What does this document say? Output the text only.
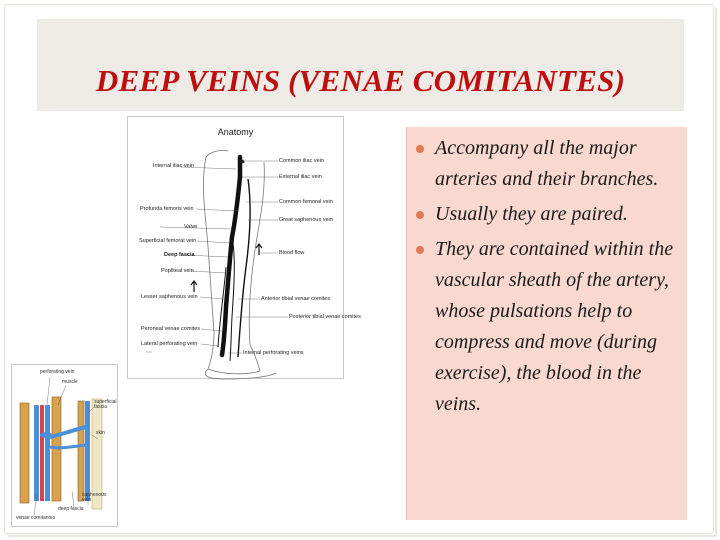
DEEP VEINS (VENAE COMITANTES)
Anatomy
Internal iliac vein
Profunda femoris vein
Valve
Superficial femoral vein
Deep fascia
Popliteal vein
Lesser saphenous vein
Peroneal venae comites
Lateral perforating vein
Common iliac vein
External iliac vein
Common femoral vein
Great saphenous vein
Blood flow
Anterior tibial venae comites
Posterior tibial venae comites
Internal perforating veins
perforating vein
muscle
superficial fascia
skin
saphenous vein
deep fascia
venae comitantes
Accompany all the major arteries and their branches.
Usually they are paired.
They are contained within the vascular sheath of the artery, whose pulsations help to compress and move (during exercise), the blood in the veins.
